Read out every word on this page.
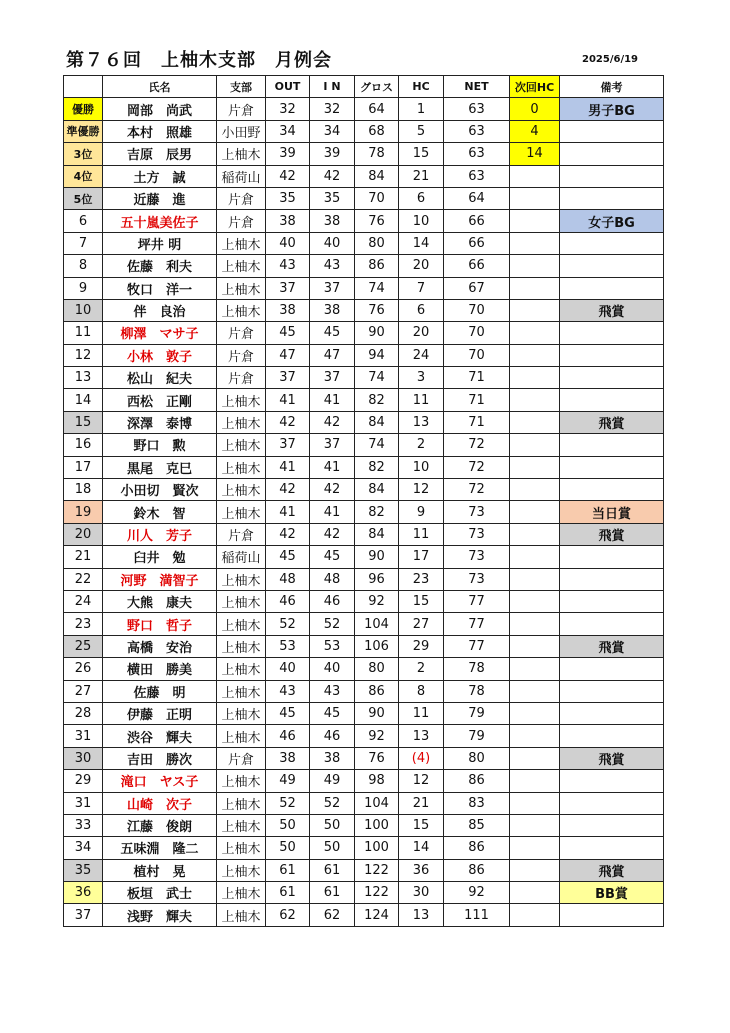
第７６回　上柚木支部　月例会	2025/6/19
	氏名	支部	OUT	I N	グロス	HC	NET	次回HC	備考
優勝	岡部　尚武	片倉	32	32	64	1	63	0	男子BG
準優勝	本村　照雄	小田野	34	34	68	5	63	4	
3位	吉原　辰男	上柚木	39	39	78	15	63	14	
4位	土方　誠	稲荷山	42	42	84	21	63		
5位	近藤　進	片倉	35	35	70	6	64		
6	五十嵐美佐子	片倉	38	38	76	10	66		女子BG
7	坪井 明	上柚木	40	40	80	14	66		
8	佐藤　利夫	上柚木	43	43	86	20	66		
9	牧口　洋一	上柚木	37	37	74	7	67		
10	伴　良治	上柚木	38	38	76	6	70		飛賞
11	柳澤　マサ子	片倉	45	45	90	20	70		
12	小林　敦子	片倉	47	47	94	24	70		
13	松山　紀夫	片倉	37	37	74	3	71		
14	西松　正剛	上柚木	41	41	82	11	71		
15	深澤　泰博	上柚木	42	42	84	13	71		飛賞
16	野口　勲	上柚木	37	37	74	2	72		
17	黒尾　克巳	上柚木	41	41	82	10	72		
18	小田切　賢次	上柚木	42	42	84	12	72		
19	鈴木　智	上柚木	41	41	82	9	73		当日賞
20	川人　芳子	片倉	42	42	84	11	73		飛賞
21	臼井　勉	稲荷山	45	45	90	17	73		
22	河野　満智子	上柚木	48	48	96	23	73		
24	大熊　康夫	上柚木	46	46	92	15	77		
23	野口　哲子	上柚木	52	52	104	27	77		
25	高橋　安治	上柚木	53	53	106	29	77		飛賞
26	横田　勝美	上柚木	40	40	80	2	78		
27	佐藤　明	上柚木	43	43	86	8	78		
28	伊藤　正明	上柚木	45	45	90	11	79		
31	渋谷　輝夫	上柚木	46	46	92	13	79		
30	吉田　勝次	片倉	38	38	76	(4)	80		飛賞
29	滝口　ヤス子	上柚木	49	49	98	12	86		
31	山崎　次子	上柚木	52	52	104	21	83		
33	江藤　俊朗	上柚木	50	50	100	15	85		
34	五味淵　隆二	上柚木	50	50	100	14	86		
35	植村　晃	上柚木	61	61	122	36	86		飛賞
36	板垣　武士	上柚木	61	61	122	30	92		BB賞
37	浅野　輝夫	上柚木	62	62	124	13	111		
